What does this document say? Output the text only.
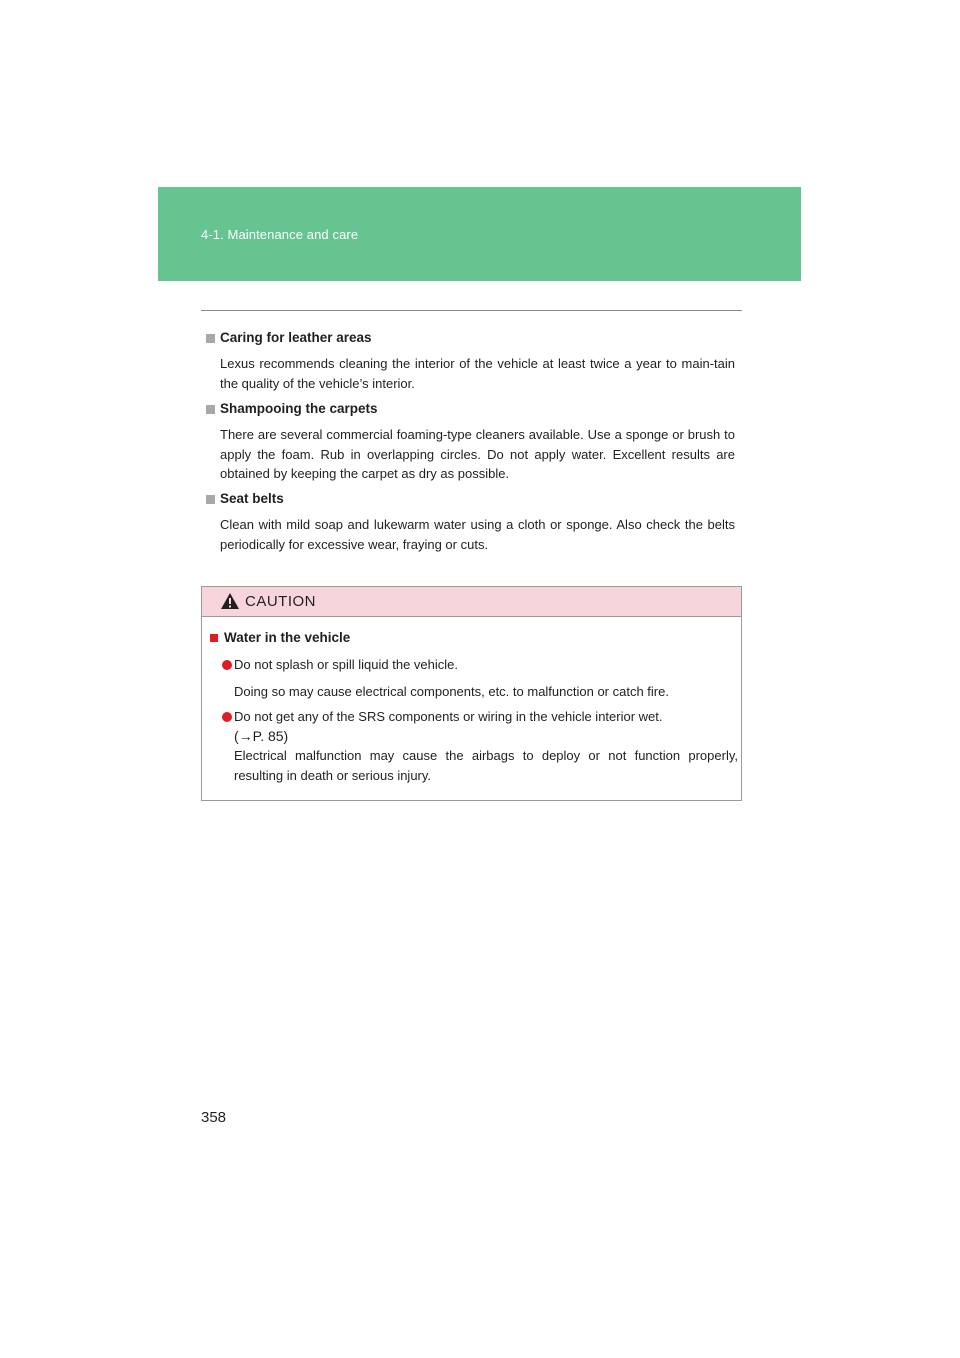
4-1. Maintenance and care
Caring for leather areas

Lexus recommends cleaning the interior of the vehicle at least twice a year to main-tain the quality of the vehicle’s interior.

Shampooing the carpets

There are several commercial foaming-type cleaners available. Use a sponge or brush to apply the foam. Rub in overlapping circles. Do not apply water. Excellent results are obtained by keeping the carpet as dry as possible.

Seat belts

Clean with mild soap and lukewarm water using a cloth or sponge. Also check the belts periodically for excessive wear, fraying or cuts.

CAUTION
Water in the vehicle
Do not splash or spill liquid the vehicle.
Doing so may cause electrical components, etc. to malfunction or catch fire.
Do not get any of the SRS components or wiring in the vehicle interior wet.
(→P. 85)
Electrical malfunction may cause the airbags to deploy or not function properly, resulting in death or serious injury.
358
